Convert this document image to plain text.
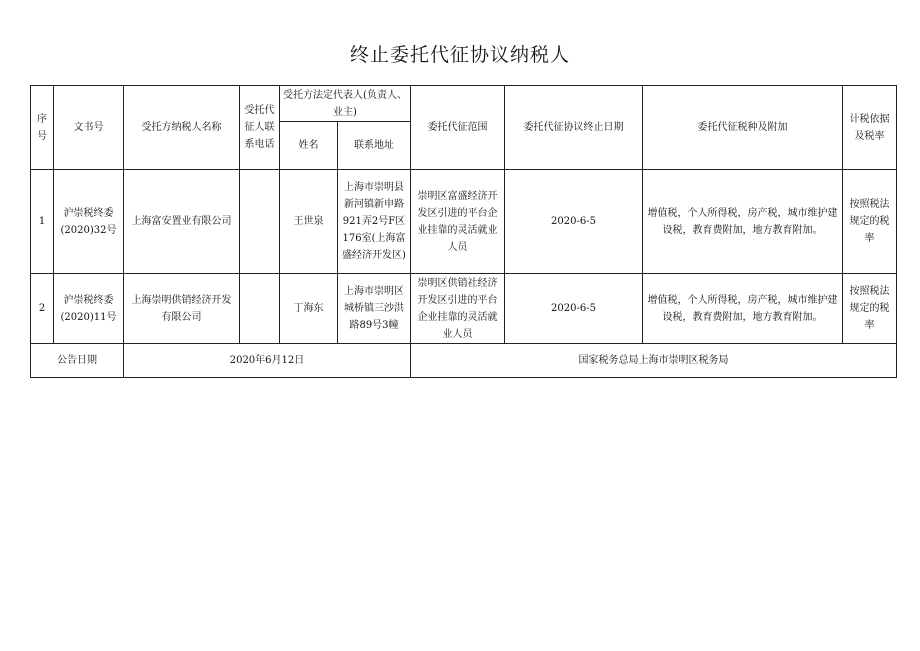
终止委托代征协议纳税人
序号	文书号	受托方纳税人名称	受托代征人联系电话	受托方法定代表人(负责人、业主)		委托代征范围	委托代征协议终止日期	委托代征税种及附加	计税依据及税率
				姓名	联系地址				
1	沪崇税终委(2020)32号	上海富安置业有限公司		王世泉	上海市崇明县新河镇新申路921弄2号F区176室(上海富盛经济开发区)	崇明区富盛经济开发区引进的平台企业挂靠的灵活就业人员	2020-6-5	增值税，个人所得税，房产税，城市维护建设税，教育费附加，地方教育附加。	按照税法规定的税率
2	沪崇税终委(2020)11号	上海崇明供销经济开发有限公司		丁海东	上海市崇明区城桥镇三沙洪路89号3幢	崇明区供销社经济开发区引进的平台企业挂靠的灵活就业人员	2020-6-5	增值税，个人所得税，房产税，城市维护建设税，教育费附加，地方教育附加。	按照税法规定的税率
公告日期		2020年6月12日				国家税务总局上海市崇明区税务局			
